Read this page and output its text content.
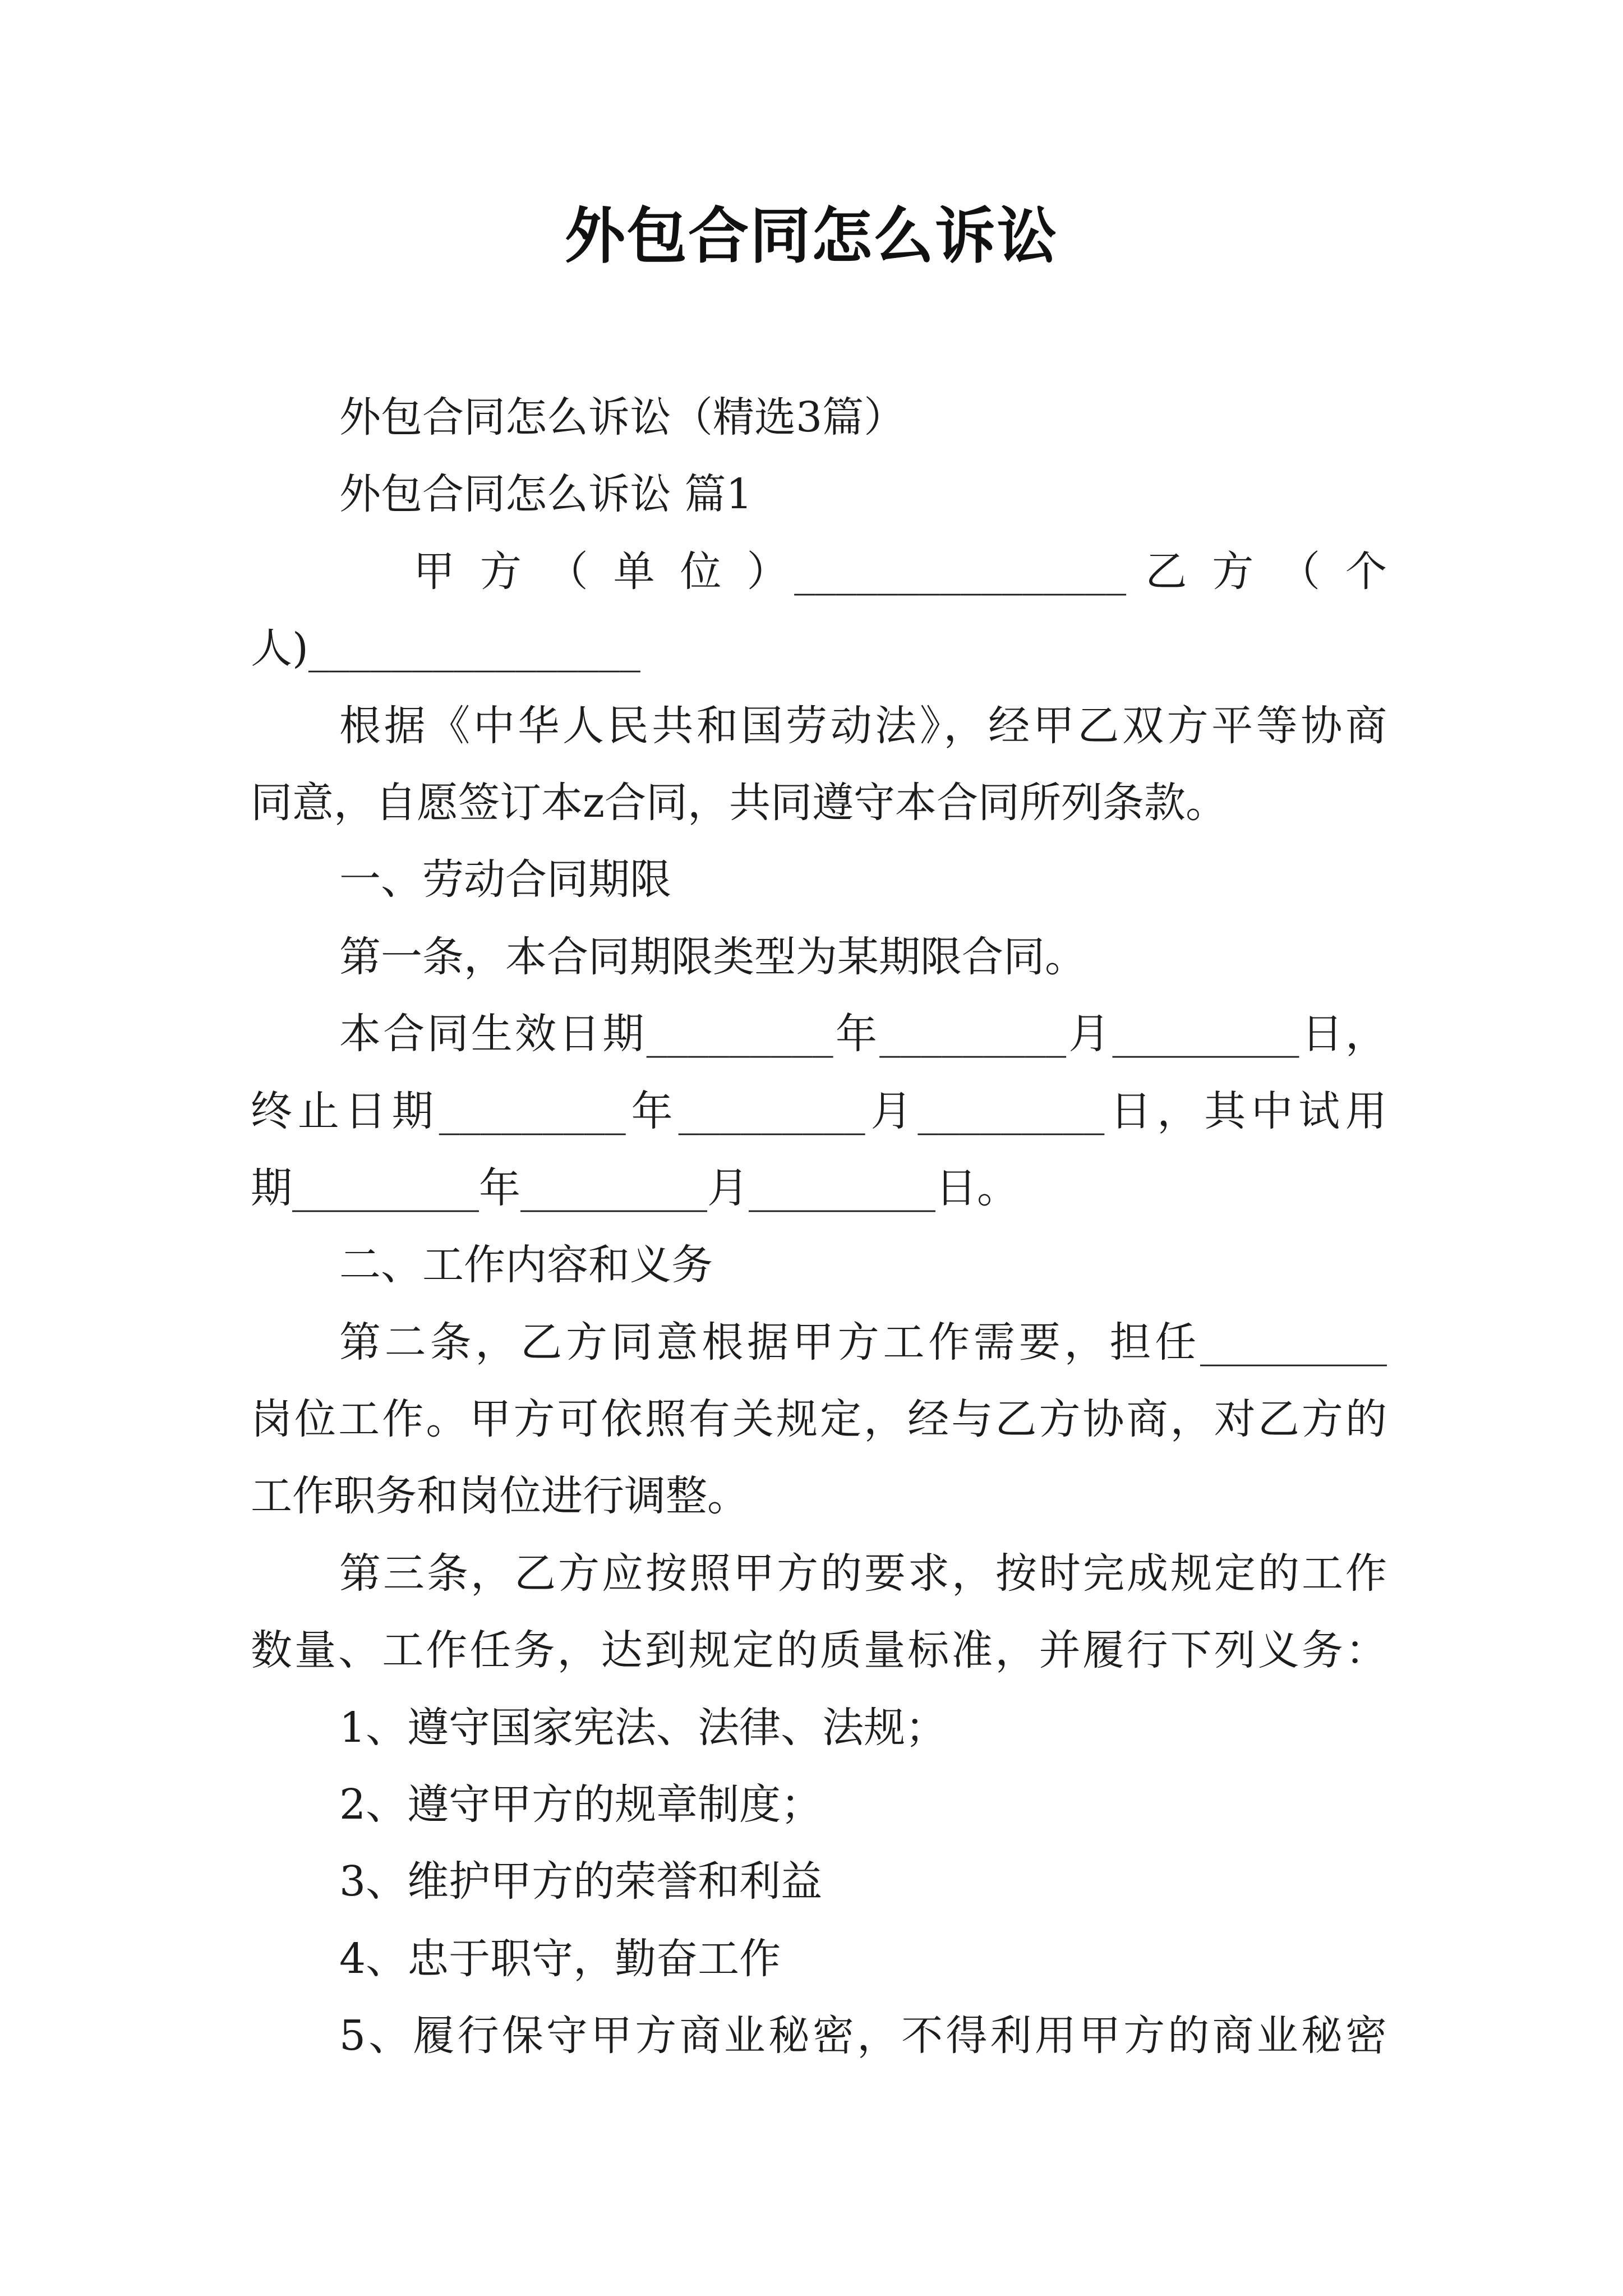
外包合同怎么诉讼
外包合同怎么诉讼（精选3篇）
外包合同怎么诉讼 篇1
甲 方 （ 单 位 ）________________ 乙 方 （ 个
人)________________
根据《中华人民共和国劳动法》，经甲乙双方平等协商
同意，自愿签订本z合同，共同遵守本合同所列条款。
一、劳动合同期限
第一条，本合同期限类型为某期限合同。
本合同生效日期_________年_________月_________日，
终止日期_________年_________月_________日，其中试用
期_________年_________月_________日。
二、工作内容和义务
第二条，乙方同意根据甲方工作需要，担任_________
岗位工作。甲方可依照有关规定，经与乙方协商，对乙方的
工作职务和岗位进行调整。
第三条，乙方应按照甲方的要求，按时完成规定的工作
数量、工作任务，达到规定的质量标准，并履行下列义务：
1、遵守国家宪法、法律、法规；
2、遵守甲方的规章制度；
3、维护甲方的荣誉和利益
4、忠于职守，勤奋工作
5、履行保守甲方商业秘密，不得利用甲方的商业秘密
